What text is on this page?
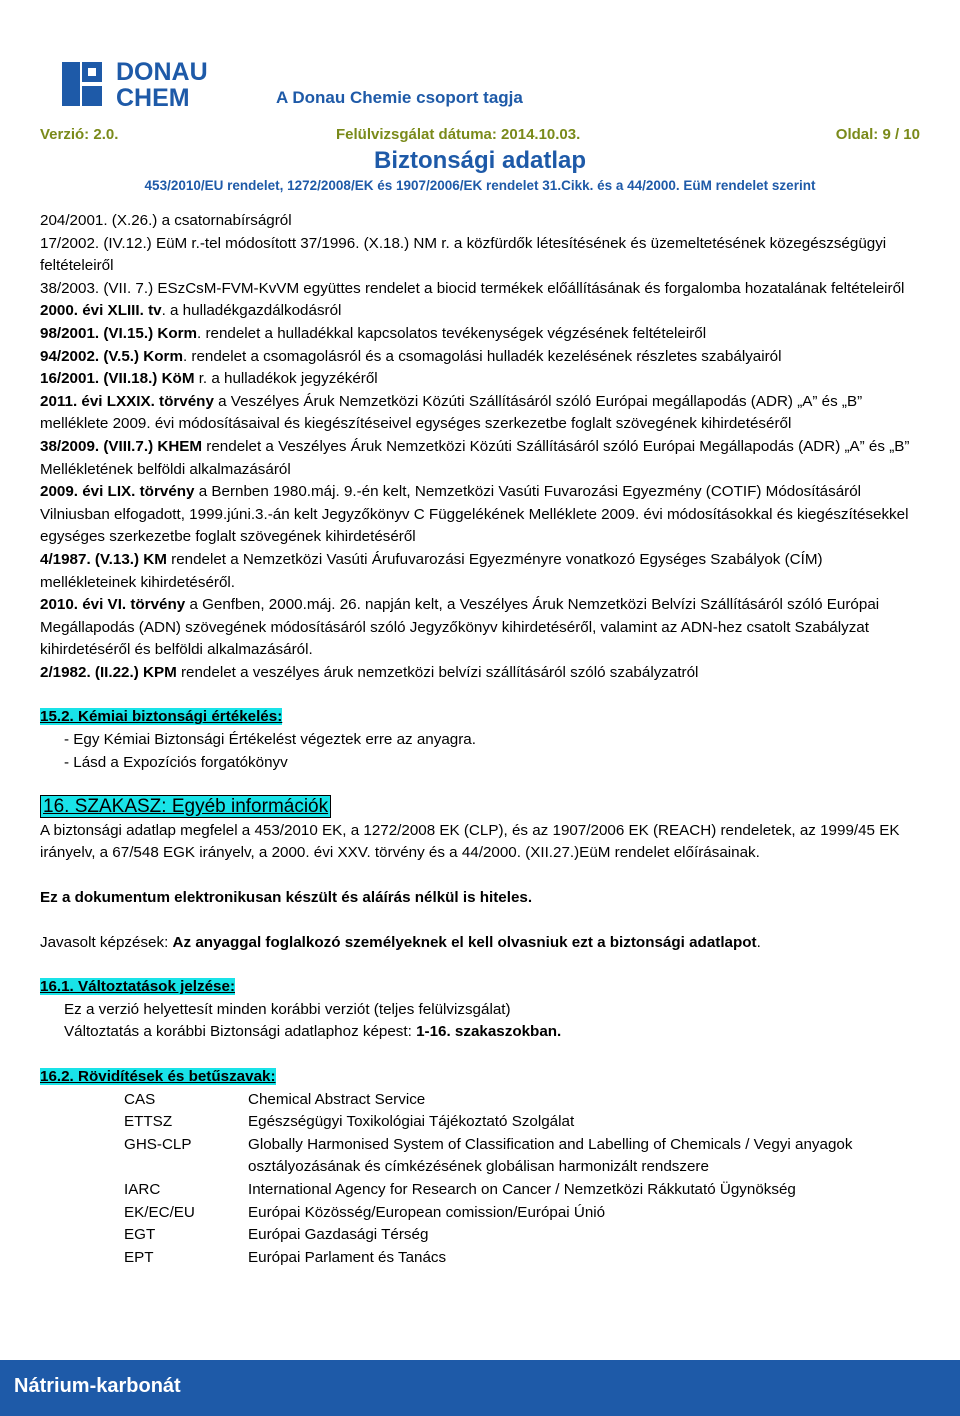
DONAU
CHEM	A Donau Chemie csoport tagja
Verzió: 2.0.	Felülvizsgálat dátuma: 2014.10.03.	Oldal: 9 / 10
Biztonsági adatlap
453/2010/EU rendelet, 1272/2008/EK és 1907/2006/EK rendelet 31.Cikk. és a 44/2000. EüM rendelet szerint

204/2001. (X.26.) a csatornabírságról

17/2002. (IV.12.) EüM r.-tel módosított 37/1996. (X.18.) NM r. a közfürdők létesítésének és üzemeltetésének közegészségügyi feltételeiről

38/2003. (VII. 7.) ESzCsM-FVM-KvVM együttes rendelet a biocid termékek előállításának és forgalomba hozatalának feltételeiről

2000. évi XLIII. tv. a hulladékgazdálkodásról

98/2001. (VI.15.) Korm. rendelet a hulladékkal kapcsolatos tevékenységek végzésének feltételeiről

94/2002. (V.5.) Korm. rendelet a csomagolásról és a csomagolási hulladék kezelésének részletes szabályairól

16/2001. (VII.18.) KöM r. a hulladékok jegyzékéről

2011. évi LXXIX. törvény a Veszélyes Áruk Nemzetközi Közúti Szállításáról szóló Európai megállapodás (ADR) „A” és „B” melléklete 2009. évi módosításaival és kiegészítéseivel egységes szerkezetbe foglalt szövegének kihirdetéséről

38/2009. (VIII.7.) KHEM rendelet a Veszélyes Áruk Nemzetközi Közúti Szállításáról szóló Európai Megállapodás (ADR) „A” és „B” Mellékletének belföldi alkalmazásáról

2009. évi LIX. törvény a Bernben 1980.máj. 9.-én kelt, Nemzetközi Vasúti Fuvarozási Egyezmény (COTIF) Módosításáról Vilniusban elfogadott, 1999.júni.3.-án kelt Jegyzőkönyv C Függelékének Melléklete 2009. évi módosításokkal és kiegészítésekkel egységes szerkezetbe foglalt szövegének kihirdetéséről

4/1987. (V.13.) KM rendelet a Nemzetközi Vasúti Árufuvarozási Egyezményre vonatkozó Egységes Szabályok (CÍM) mellékleteinek kihirdetéséről.

2010. évi VI. törvény a Genfben, 2000.máj. 26. napján kelt, a Veszélyes Áruk Nemzetközi Belvízi Szállításáról szóló Európai Megállapodás (ADN) szövegének módosításáról szóló Jegyzőkönyv kihirdetéséről, valamint az ADN-hez csatolt Szabályzat kihirdetéséről és belföldi alkalmazásáról.

2/1982. (II.22.) KPM rendelet a veszélyes áruk nemzetközi belvízi szállításáról szóló szabályzatról

15.2. Kémiai biztonsági értékelés:

- Egy Kémiai Biztonsági Értékelést végeztek erre az anyagra.

- Lásd a Expozíciós forgatókönyv

16. SZAKASZ: Egyéb információk

A biztonsági adatlap megfelel a 453/2010 EK, a 1272/2008 EK (CLP), és az 1907/2006 EK (REACH) rendeletek, az 1999/45 EK irányelv, a 67/548 EGK irányelv, a 2000. évi XXV. törvény és a 44/2000. (XII.27.)EüM rendelet előírásainak.

Ez a dokumentum elektronikusan készült és aláírás nélkül is hiteles.

Javasolt képzések: Az anyaggal foglalkozó személyeknek el kell olvasniuk ezt a biztonsági adatlapot.

16.1. Változtatások jelzése:

Ez a verzió helyettesít minden korábbi verziót (teljes felülvizsgálat)

Változtatás a korábbi Biztonsági adatlaphoz képest: 1-16. szakaszokban.

16.2. Rövidítések és betűszavak:

CAS	Chemical Abstract Service
ETTSZ	Egészségügyi Toxikológiai Tájékoztató Szolgálat
GHS-CLP	Globally Harmonised System of Classification and Labelling of Chemicals / Vegyi anyagok osztályozásának és címkézésének globálisan harmonizált rendszere
IARC	International Agency for Research on Cancer / Nemzetközi Rákkutató Ügynökség
EK/EC/EU	Európai Közösség/European comission/Európai Únió
EGT	Európai Gazdasági Térség
EPT	Európai Parlament és Tanács
Nátrium-karbonát
